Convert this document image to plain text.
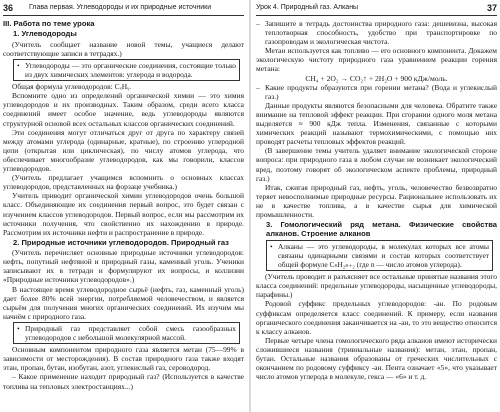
36 Глава первая. Углеводороды и их природные источники
III. Работа по теме урока
1. Углеводороды

(Учитель сообщает название новой темы, учащиеся делают соответствующие записи в тетрадях.)

• Углеводороды — это органические соединения, состоящие только из двух химических элементов: углерода и водорода.

Общая формула углеводородов: CₓHᵧ.

Вспомните одно из определений органической химии — это химия углеводородов и их производных. Таким образом, среди всего класса соединений имеет особое значение, ведь углеводороды являются структурной основой всех остальных классов органических соединений.

Эти соединения могут отличаться друг от друга по характеру связей между атомами углерода (одинарные, кратные), по строению углеродной цепи (открытая или циклическая), по числу атомов углерода, что обеспечивает многообразие углеводородов, как мы говорили, классов углеводородов.

(Учитель предлагает учащимся вспомнить о основных классах углеводородов, представленных на форзаце учебника.)

Учитель приводит органической химии углеводородов очень большой класс. Объединяющие их соединения первый вопрос, это будет связан с изучением классов углеводородов. Первый вопрос, если мы рассмотрим их источники получения, что свойственно их нахождению в природе. Рассмотрим их источники нефти и распространение в природе.

2. Природные источники углеводородов. Природный газ

(Учитель перечисляет основные природные источники углеводородов: нефть, попутный нефтяной и природный газы, каменный уголь. Ученики записывают их в тетради и формулируют их вопросы, и коллизии «Природные источники углеводородов».)

В настоящее время углеводородное сырьё (нефть, газ, каменный уголь) дает более 80% всей энергии, потребляемой человечеством, и является сырьём для получения многих органических соединений. Их изучим мы начнём с природного газа.

• Природный газ представляет собой смесь газообразных углеводородов с небольшой молекулярной массой.

Основным компонентом природного газа является метан (75—99% в зависимости от месторождения). В состав природного газа также входят этан, пропан, бутан, изобутан, азот, углекислый газ, сероводород.

– Какое применение находит природный газ? (Используется в качестве топлива на тепловых электростанциях...)

Урок 4. Природный газ. Алканы	37

– Запишите в тетрадь достоинства природного газа: дешевизна, высокая теплотворная способность, удобство при транспортировке по газопроводам и экологическая чистота.

Метан используется как топливо — его основного компонента. Докажем экологическую чистоту природного газа уравнением реакции горения метана:

CH₄ + 2O₂ → CO₂↑ + 2H₂O + 900 кДж/моль.

– Какие продукты образуются при горении метана? (Вода и углекислый газ.)

Данные продукты являются безопасными для человека. Обратите также внимание на тепловой эффект реакции. При сгорании одного моля метана выделяется ≈ 900 кДж тепла. Изменения, связанные с которыми химических реакций называют термохимическими, с помощью них проводят расчеты тепловых эффектов реакций.

(В завершение темы учитель удаляет внимание экологической стороне вопроса: при природного газа в любом случае не возникает экологический вред, поэтому говорят об экологическом аспекте проблемы, природный газ.)

Итак, сжигая природный газ, нефть, уголь, человечество безвозвратно теряет невосполнимые природные ресурсы. Рациональнее использовать их не в качестве топлива, а в качестве сырья для химической промышленности.

3. Гомологический ряд метана. Физические свойства алканов. Строение алканов

• Алканы — это углеводороды, в молекулах которых все атомы связаны одинарными связями и состав которых соответствует общей формуле CₙH₂ₙ₊₂ (где n — число атомов углерода).

(Учитель проводит и разъясняет все остальные принятые названия этого класса соединений: предельные углеводороды, насыщенные углеводороды, парафины.)

Родовой суффикс предельных углеводородов: -ан. По родовым суффиксам определяется класс соединений. К примеру, если названия органического соединения заканчивается на -ан, то это вещество относится к классу алканов.

Первые четыре члена гомологического ряда алканов имеют исторически сложившиеся названия (тривиальные названия): метан, этан, пропан, бутан. Остальные названия образованы от греческих числительных с окончанием по родовому суффиксу -ан. Пента означает «5», что указывает число атомов углерода в молекуле, гекса — «6» и т. д.
